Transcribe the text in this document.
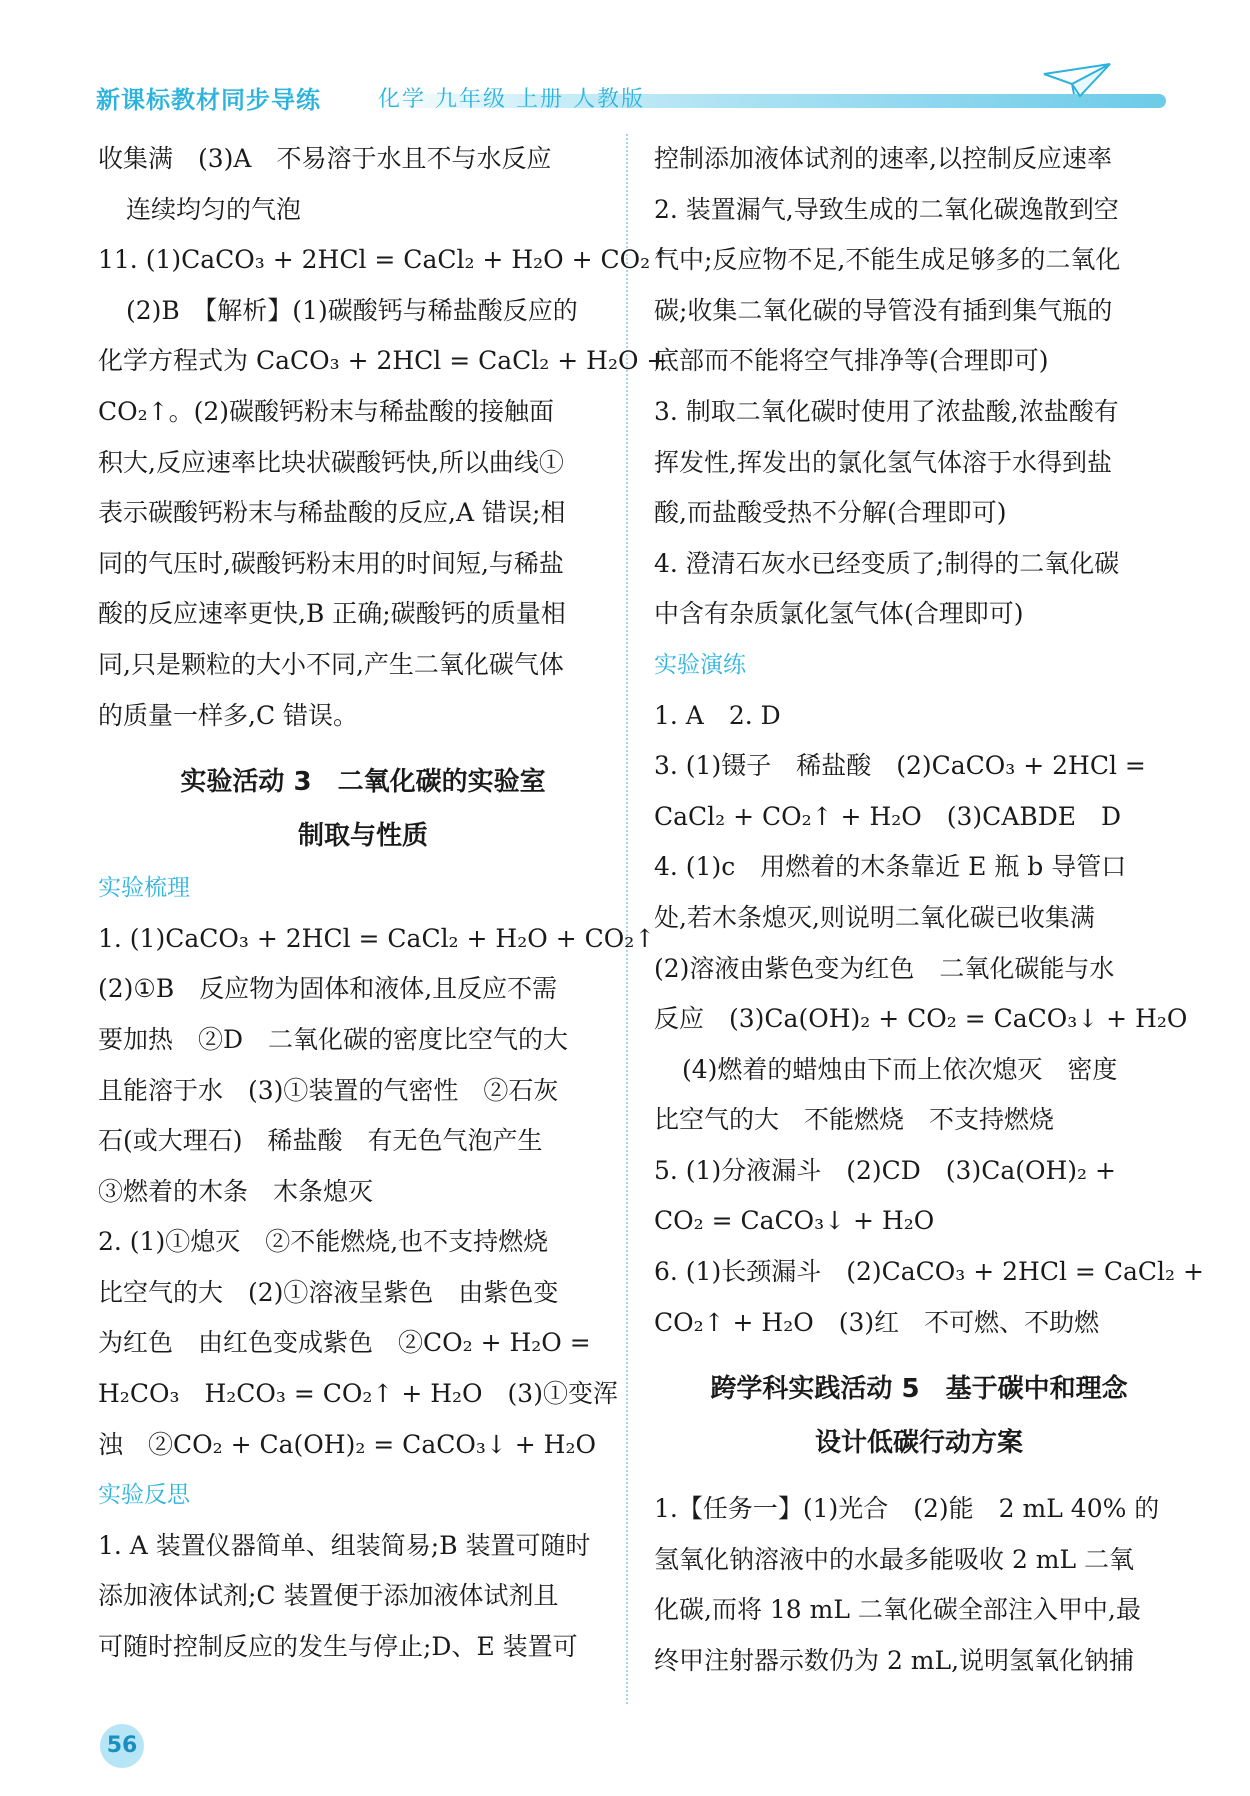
新课标教材同步导练	化学 九年级 上册 人教版
收集满　(3)A　不易溶于水且不与水反应
连续均匀的气泡
11. (1)CaCO₃ + 2HCl = CaCl₂ + H₂O + CO₂↑
(2)B　【解析】(1)碳酸钙与稀盐酸反应的
化学方程式为 CaCO₃ + 2HCl = CaCl₂ + H₂O +
CO₂↑。(2)碳酸钙粉末与稀盐酸的接触面
积大,反应速率比块状碳酸钙快,所以曲线①
表示碳酸钙粉末与稀盐酸的反应,A 错误;相
同的气压时,碳酸钙粉末用的时间短,与稀盐
酸的反应速率更快,B 正确;碳酸钙的质量相
同,只是颗粒的大小不同,产生二氧化碳气体
的质量一样多,C 错误。
实验活动 3　二氧化碳的实验室
制取与性质
实验梳理
1. (1)CaCO₃ + 2HCl = CaCl₂ + H₂O + CO₂↑
(2)①B　反应物为固体和液体,且反应不需
要加热　②D　二氧化碳的密度比空气的大
且能溶于水　(3)①装置的气密性　②石灰
石(或大理石)　稀盐酸　有无色气泡产生
③燃着的木条　木条熄灭
2. (1)①熄灭　②不能燃烧,也不支持燃烧
比空气的大　(2)①溶液呈紫色　由紫色变
为红色　由红色变成紫色　②CO₂ + H₂O =
H₂CO₃　H₂CO₃ = CO₂↑ + H₂O　(3)①变浑
浊　②CO₂ + Ca(OH)₂ = CaCO₃↓ + H₂O
实验反思
1. A 装置仪器简单、组装简易;B 装置可随时
添加液体试剂;C 装置便于添加液体试剂且
可随时控制反应的发生与停止;D、E 装置可
控制添加液体试剂的速率,以控制反应速率
2. 装置漏气,导致生成的二氧化碳逸散到空
气中;反应物不足,不能生成足够多的二氧化
碳;收集二氧化碳的导管没有插到集气瓶的
底部而不能将空气排净等(合理即可)
3. 制取二氧化碳时使用了浓盐酸,浓盐酸有
挥发性,挥发出的氯化氢气体溶于水得到盐
酸,而盐酸受热不分解(合理即可)
4. 澄清石灰水已经变质了;制得的二氧化碳
中含有杂质氯化氢气体(合理即可)
实验演练
1. A　2. D
3. (1)镊子　稀盐酸　(2)CaCO₃ + 2HCl =
CaCl₂ + CO₂↑ + H₂O　(3)CABDE　D
4. (1)c　用燃着的木条靠近 E 瓶 b 导管口
处,若木条熄灭,则说明二氧化碳已收集满
(2)溶液由紫色变为红色　二氧化碳能与水
反应　(3)Ca(OH)₂ + CO₂ = CaCO₃↓ + H₂O
(4)燃着的蜡烛由下而上依次熄灭　密度
比空气的大　不能燃烧　不支持燃烧
5. (1)分液漏斗　(2)CD　(3)Ca(OH)₂ +
CO₂ = CaCO₃↓ + H₂O
6. (1)长颈漏斗　(2)CaCO₃ + 2HCl = CaCl₂ +
CO₂↑ + H₂O　(3)红　不可燃、不助燃
跨学科实践活动 5　基于碳中和理念
设计低碳行动方案
1.【任务一】(1)光合　(2)能　2 mL 40% 的
氢氧化钠溶液中的水最多能吸收 2 mL 二氧
化碳,而将 18 mL 二氧化碳全部注入甲中,最
终甲注射器示数仍为 2 mL,说明氢氧化钠捕
56
